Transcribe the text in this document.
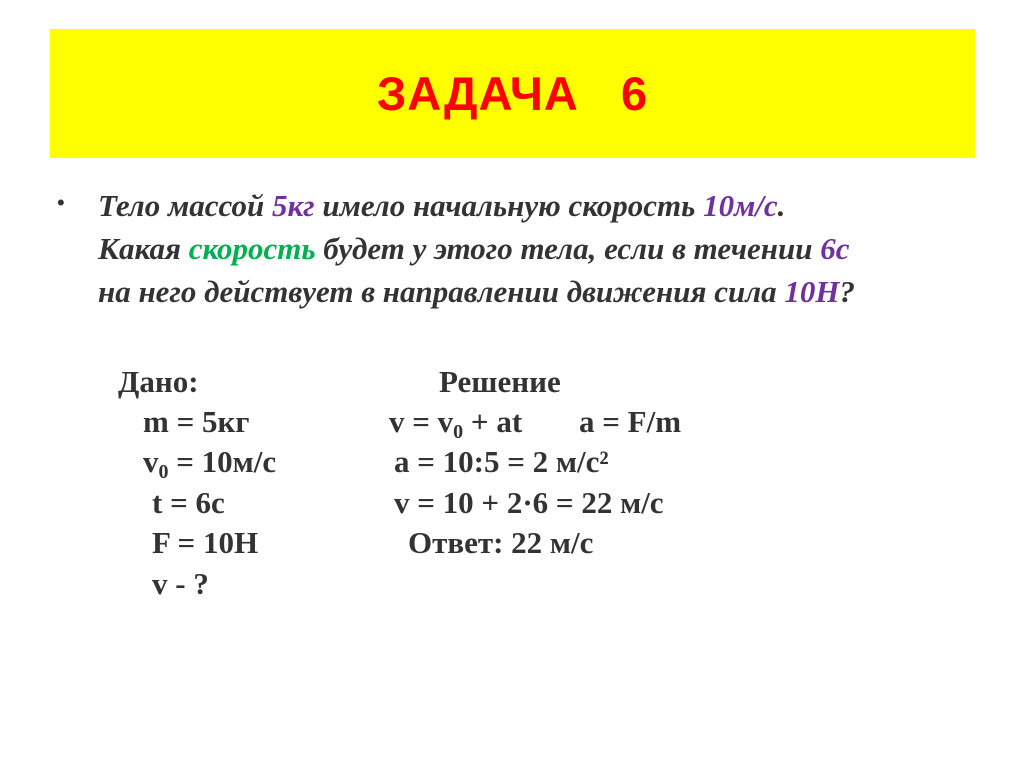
ЗАДАЧА   6
• Тело массой 5кг имело начальную скорость 10м/с.
Какая скорость будет у этого тела, если в течении 6с
на него действует в направлении движения сила 10Н?
Дано:
m = 5кг
$v_0 = 10м/с$
t = 6с
F = 10Н
v - ?
Решение
$v = v_0$ + at a = F/m
a = 10:5 = 2 м/с²
v = 10 + 2·6 = 22 м/с
Ответ: 22 м/с
